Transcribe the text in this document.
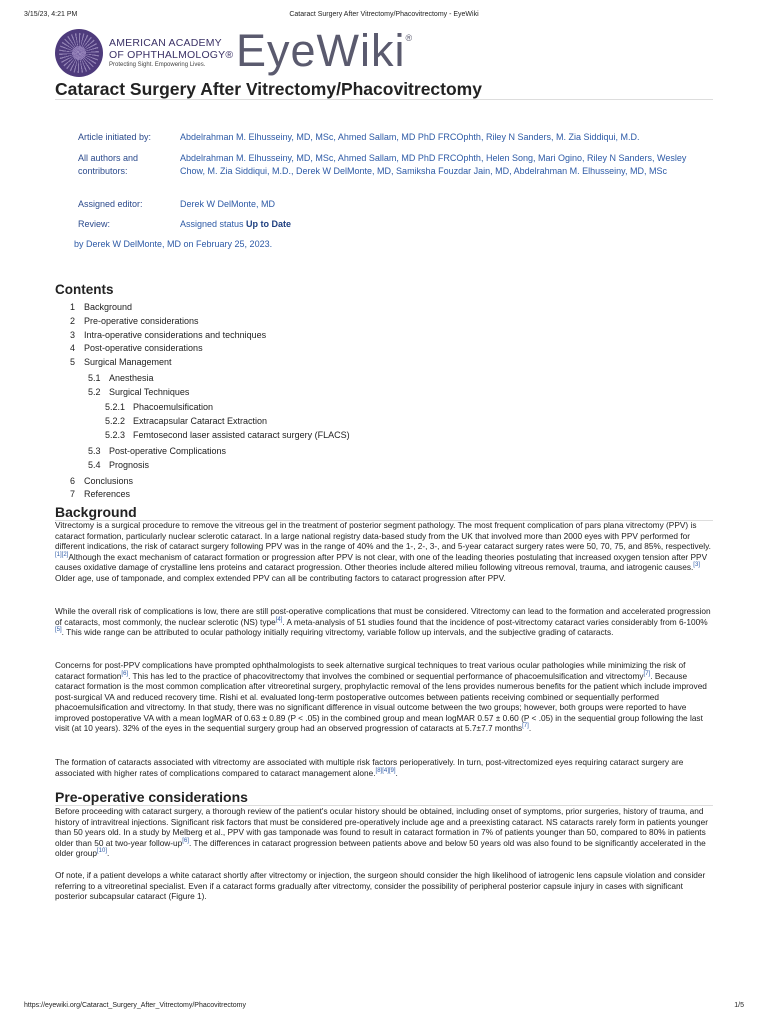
3/15/23, 4:21 PM	Cataract Surgery After Vitrectomy/Phacovitrectomy - EyeWiki
https://eyewiki.org/Cataract_Surgery_After_Vitrectomy/Phacovitrectomy	1/5
AMERICAN ACADEMY
OF OPHTHALMOLOGY®
Protecting Sight. Empowering Lives. EyeWiki®
Cataract Surgery After Vitrectomy/Phacovitrectomy
Article initiated by:	Abdelrahman M. Elhusseiny, MD, MSc, Ahmed Sallam, MD PhD FRCOphth, Riley N Sanders, M. Zia Siddiqui, M.D.
All authors and contributors:
Abdelrahman M. Elhusseiny, MD, MSc, Ahmed Sallam, MD PhD FRCOphth, Helen Song, Mari Ogino, Riley N Sanders, Wesley Chow, M. Zia Siddiqui, M.D., Derek W DelMonte, MD, Samiksha Fouzdar Jain, MD, Abdelrahman M. Elhusseiny, MD, MSc
Assigned editor:	Derek W DelMonte, MD
Review:	Assigned status Up to Date
by Derek W DelMonte, MD on February 25, 2023.
Contents
1 Background
2 Pre-operative considerations
3 Intra-operative considerations and techniques
4 Post-operative considerations
5 Surgical Management
5.1 Anesthesia
5.2 Surgical Techniques
5.2.1 Phacoemulsification
5.2.2 Extracapsular Cataract Extraction
5.2.3 Femtosecond laser assisted cataract surgery (FLACS)
5.3 Post-operative Complications
5.4 Prognosis
6 Conclusions
7 References
Background

Vitrectomy is a surgical procedure to remove the vitreous gel in the treatment of posterior segment pathology. The most frequent complication of pars plana vitrectomy (PPV) is cataract formation, particularly nuclear sclerotic cataract. In a large national registry data-based study from the UK that involved more than 2000 eyes with PPV performed for different indications, the risk of cataract surgery following PPV was in the range of 40% and the 1-, 2-, 3-, and 5-year cataract surgery rates were 50, 70, 75, and 85%, respectively.[1][2]Although the exact mechanism of cataract formation or progression after PPV is not clear, with one of the leading theories postulating that increased oxygen tension after PPV causes oxidative damage of crystalline lens proteins and cataract progression. Other theories include altered milieu following vitreous removal, trauma, and iatrogenic causes.[3] Older age, use of tamponade, and complex extended PPV can all be contributing factors to cataract progression after PPV.

While the overall risk of complications is low, there are still post-operative complications that must be considered. Vitrectomy can lead to the formation and accelerated progression of cataracts, most commonly, the nuclear sclerotic (NS) type[4]. A meta-analysis of 51 studies found that the incidence of post-vitrectomy cataract varies considerably from 6-100%[5]. This wide range can be attributed to ocular pathology initially requiring vitrectomy, variable follow up intervals, and the subjective grading of cataracts.

Concerns for post-PPV complications have prompted ophthalmologists to seek alternative surgical techniques to treat various ocular pathologies while minimizing the risk of cataract formation[6]. This has led to the practice of phacovitrectomy that involves the combined or sequential performance of phacoemulsification and vitrectomy[7]. Because cataract formation is the most common complication after vitreoretinal surgery, prophylactic removal of the lens provides numerous benefits for the patient which include improved post-surgical VA and reduced recovery time. Rishi et al. evaluated long-term postoperative outcomes between patients receiving combined or sequentially performed phacoemulsification and vitrectomy. In that study, there was no significant difference in visual outcome between the two groups; however, both groups were reported to have improved postoperative VA with a mean logMAR of 0.63 ± 0.89 (P < .05) in the combined group and mean logMAR 0.57 ± 0.60 (P < .05) in the sequential group following the last visit (at 10 years). 32% of the eyes in the sequential surgery group had an observed progression of cataracts at 5.7±7.7 months[7].

The formation of cataracts associated with vitrectomy are associated with multiple risk factors perioperatively. In turn, post-vitrectomized eyes requiring cataract surgery are associated with higher rates of complications compared to cataract management alone.[8][4][9].

Pre-operative considerations

Before proceeding with cataract surgery, a thorough review of the patient's ocular history should be obtained, including onset of symptoms, prior surgeries, history of trauma, and history of intravitreal injections. Significant risk factors that must be considered pre-operatively include age and a preexisting cataract. NS cataracts rarely form in patients younger than 50 years old. In a study by Melberg et al., PPV with gas tamponade was found to result in cataract formation in 7% of patients younger than 50, compared to 80% in patients older than 50 at two-year follow-up[6]. The differences in cataract progression between patients above and below 50 years old was also found to be significantly accelerated in the older group[10].

Of note, if a patient develops a white cataract shortly after vitrectomy or injection, the surgeon should consider the high likelihood of iatrogenic lens capsule violation and consider referring to a vitreoretinal specialist. Even if a cataract forms gradually after vitrectomy, consider the possibility of peripheral posterior capsule injury in cases with significant posterior subcapsular cataract (Figure 1).
